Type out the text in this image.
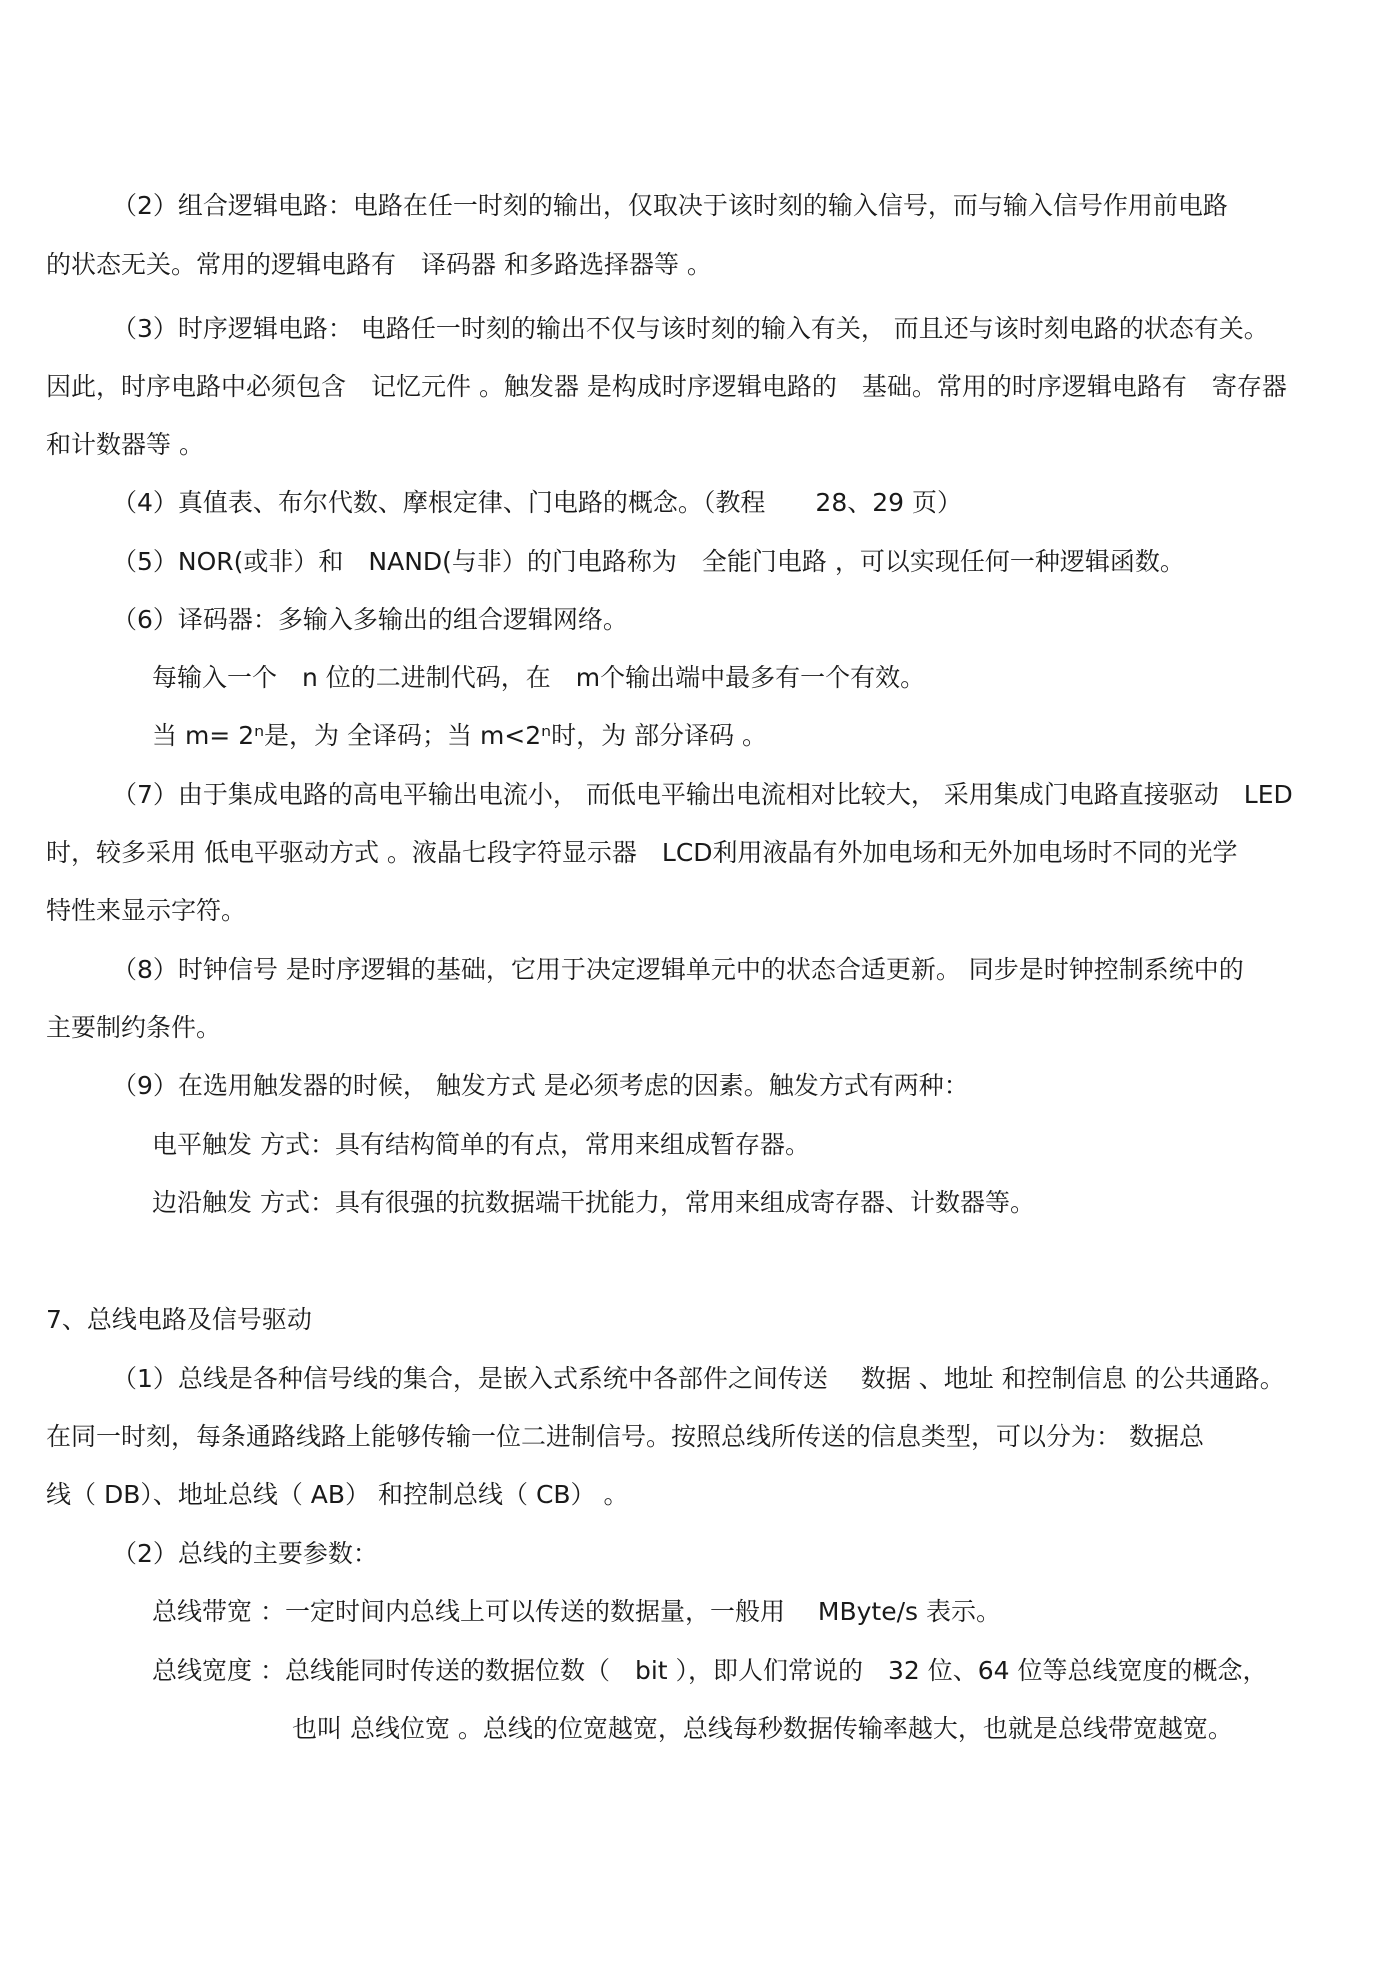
（2）组合逻辑电路：电路在任一时刻的输出，仅取决于该时刻的输入信号，而与输入信号作用前电路
的状态无关。常用的逻辑电路有　译码器 和多路选择器等 。
（3）时序逻辑电路： 电路任一时刻的输出不仅与该时刻的输入有关， 而且还与该时刻电路的状态有关。
因此，时序电路中必须包含　记忆元件 。触发器 是构成时序逻辑电路的　基础。常用的时序逻辑电路有　寄存器
和计数器等 。
（4）真值表、布尔代数、摩根定律、门电路的概念。（教程　　28、29 页）
（5）NOR(或非）和　NAND(与非）的门电路称为　全能门电路 ，可以实现任何一种逻辑函数。
（6）译码器：多输入多输出的组合逻辑网络。
每输入一个　n 位的二进制代码，在　m个输出端中最多有一个有效。
当 m= 2ⁿ是，为 全译码；当 m<2ⁿ时，为 部分译码 。
（7）由于集成电路的高电平输出电流小， 而低电平输出电流相对比较大， 采用集成门电路直接驱动　LED
时，较多采用 低电平驱动方式 。液晶七段字符显示器　LCD利用液晶有外加电场和无外加电场时不同的光学
特性来显示字符。
（8）时钟信号 是时序逻辑的基础，它用于决定逻辑单元中的状态合适更新。 同步是时钟控制系统中的
主要制约条件。
（9）在选用触发器的时候， 触发方式 是必须考虑的因素。触发方式有两种：
电平触发 方式：具有结构简单的有点，常用来组成暂存器。
边沿触发 方式：具有很强的抗数据端干扰能力，常用来组成寄存器、计数器等。
7、总线电路及信号驱动
（1）总线是各种信号线的集合，是嵌入式系统中各部件之间传送　 数据 、地址 和控制信息 的公共通路。
在同一时刻，每条通路线路上能够传输一位二进制信号。按照总线所传送的信息类型，可以分为： 数据总
线（ DB）、地址总线（ AB） 和控制总线（ CB） 。
（2）总线的主要参数：
总线带宽 ：一定时间内总线上可以传送的数据量，一般用　 MByte/s 表示。
总线宽度 ：总线能同时传送的数据位数（　bit ），即人们常说的　32 位、64 位等总线宽度的概念，
也叫 总线位宽 。总线的位宽越宽，总线每秒数据传输率越大，也就是总线带宽越宽。
